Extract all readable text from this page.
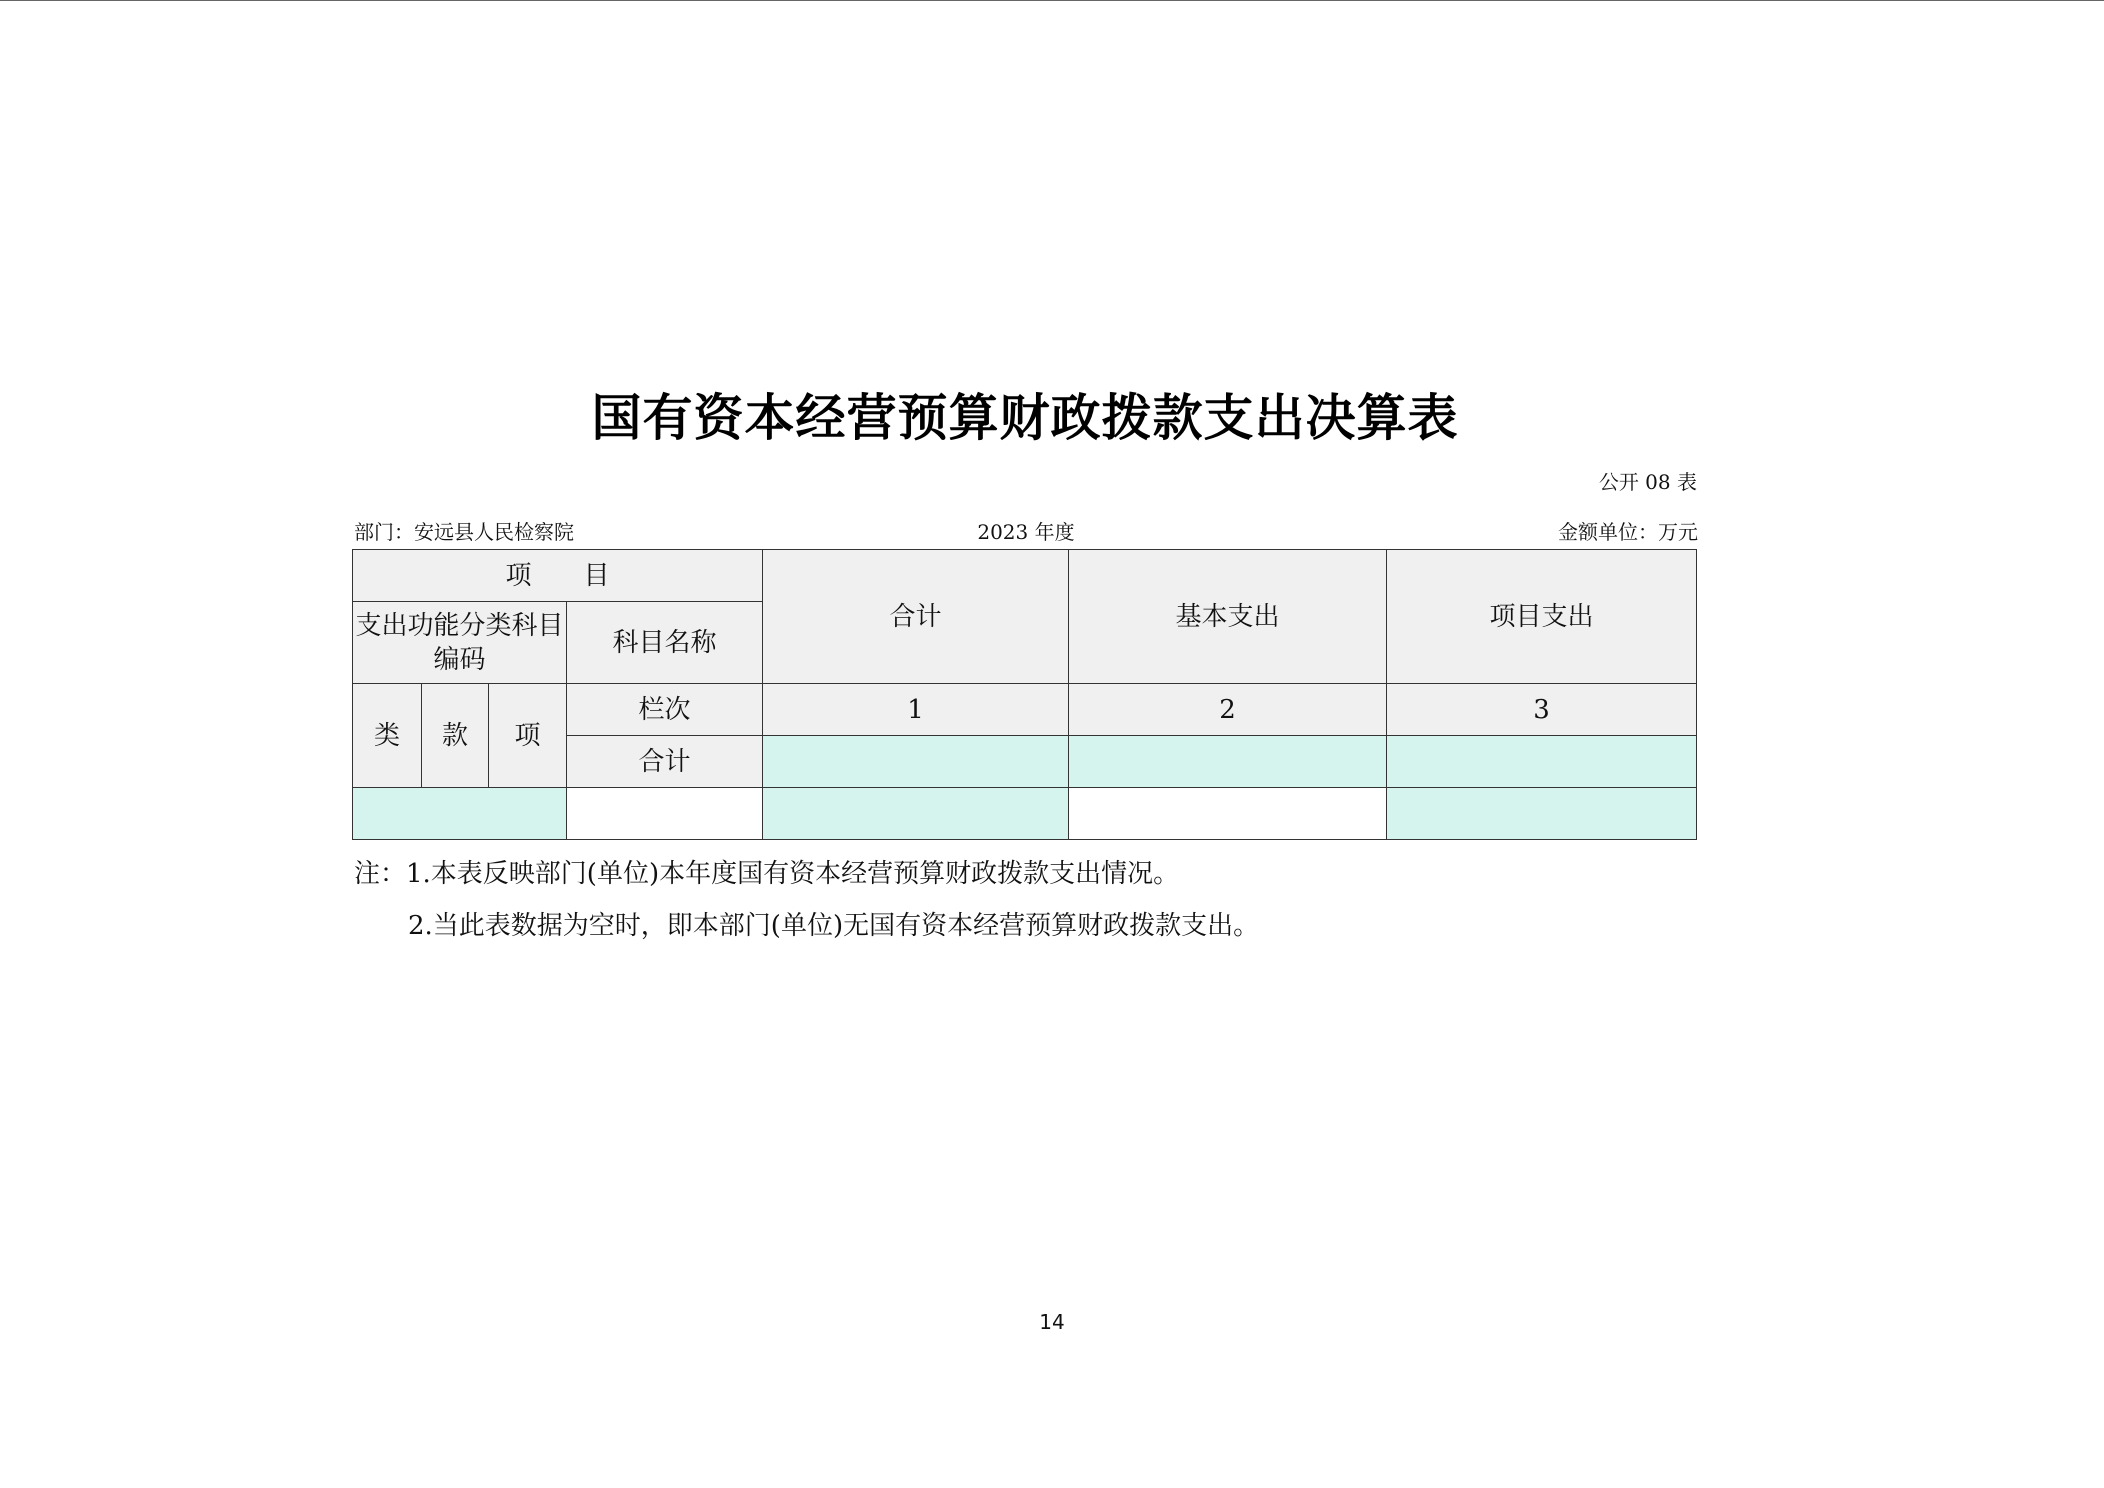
国有资本经营预算财政拨款支出决算表
公开 08 表
部门：安远县人民检察院	2023 年度	金额单位：万元
项　　目				合计	基本支出	项目支出
支出功能分类科目编码			科目名称			
类	款	项	栏次	1	2	3
			合计			

注：1.本表反映部门(单位)本年度国有资本经营预算财政拨款支出情况。
2.当此表数据为空时，即本部门(单位)无国有资本经营预算财政拨款支出。
14
